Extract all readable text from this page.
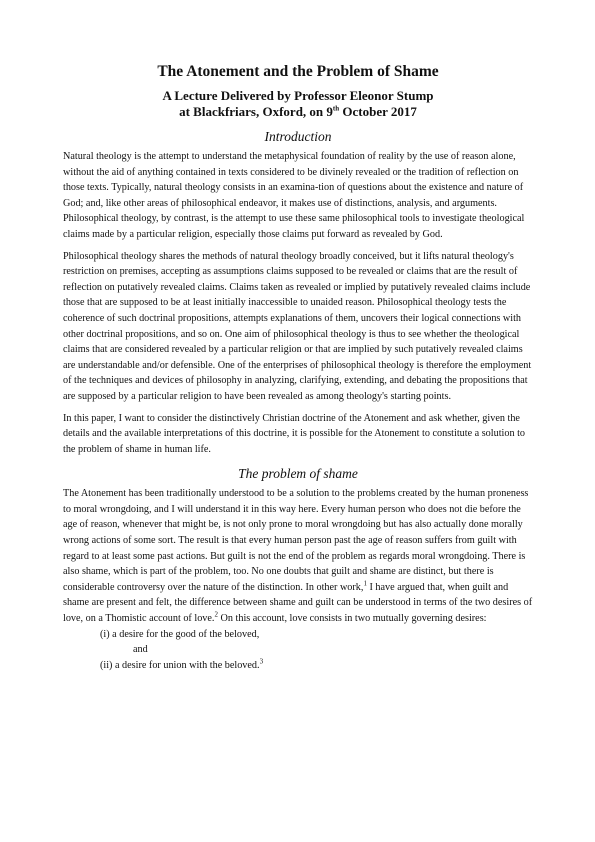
The Atonement and the Problem of Shame
A Lecture Delivered by Professor Eleonor Stump
at Blackfriars, Oxford, on 9th October 2017
Introduction

Natural theology is the attempt to understand the metaphysical foundation of reality by the use of reason alone, without the aid of anything contained in texts considered to be divinely revealed or the tradition of reflection on those texts. Typically, natural theology consists in an examina-tion of questions about the existence and nature of God; and, like other areas of philosophical endeavor, it makes use of distinctions, analysis, and arguments. Philosophical theology, by contrast, is the attempt to use these same philosophical tools to investigate theological claims made by a particular religion, especially those claims put forward as revealed by God.

Philosophical theology shares the methods of natural theology broadly conceived, but it lifts natural theology's restriction on premises, accepting as assumptions claims supposed to be revealed or claims that are the result of reflection on putatively revealed claims. Claims taken as revealed or implied by putatively revealed claims include those that are supposed to be at least initially inaccessible to unaided reason. Philosophical theology tests the coherence of such doctrinal propositions, attempts explanations of them, uncovers their logical connections with other doctrinal propositions, and so on. One aim of philosophical theology is thus to see whether the theological claims that are considered revealed by a particular religion or that are implied by such putatively revealed claims are understandable and/or defensible. One of the enterprises of philosophical theology is therefore the employment of the techniques and devices of philosophy in analyzing, clarifying, extending, and debating the propositions that are supposed by a particular religion to have been revealed as among theology's starting points.

In this paper, I want to consider the distinctively Christian doctrine of the Atonement and ask whether, given the details and the available interpretations of this doctrine, it is possible for the Atonement to constitute a solution to the problem of shame in human life.

The problem of shame

The Atonement has been traditionally understood to be a solution to the problems created by the human proneness to moral wrongdoing, and I will understand it in this way here. Every human person who does not die before the age of reason, whenever that might be, is not only prone to moral wrongdoing but has also actually done morally wrong actions of some sort. The result is that every human person past the age of reason suffers from guilt with regard to at least some past actions. But guilt is not the end of the problem as regards moral wrongdoing. There is also shame, which is part of the problem, too. No one doubts that guilt and shame are distinct, but there is considerable controversy over the nature of the distinction. In other work,$^1$ I have argued that, when guilt and shame are present and felt, the difference between shame and guilt can be understood in terms of the two desires of love, on a Thomistic account of love.$^2$ On this account, love consists in two mutually governing desires:

(i) a desire for the good of the beloved,
and
(ii) a desire for union with the beloved.$^3$
